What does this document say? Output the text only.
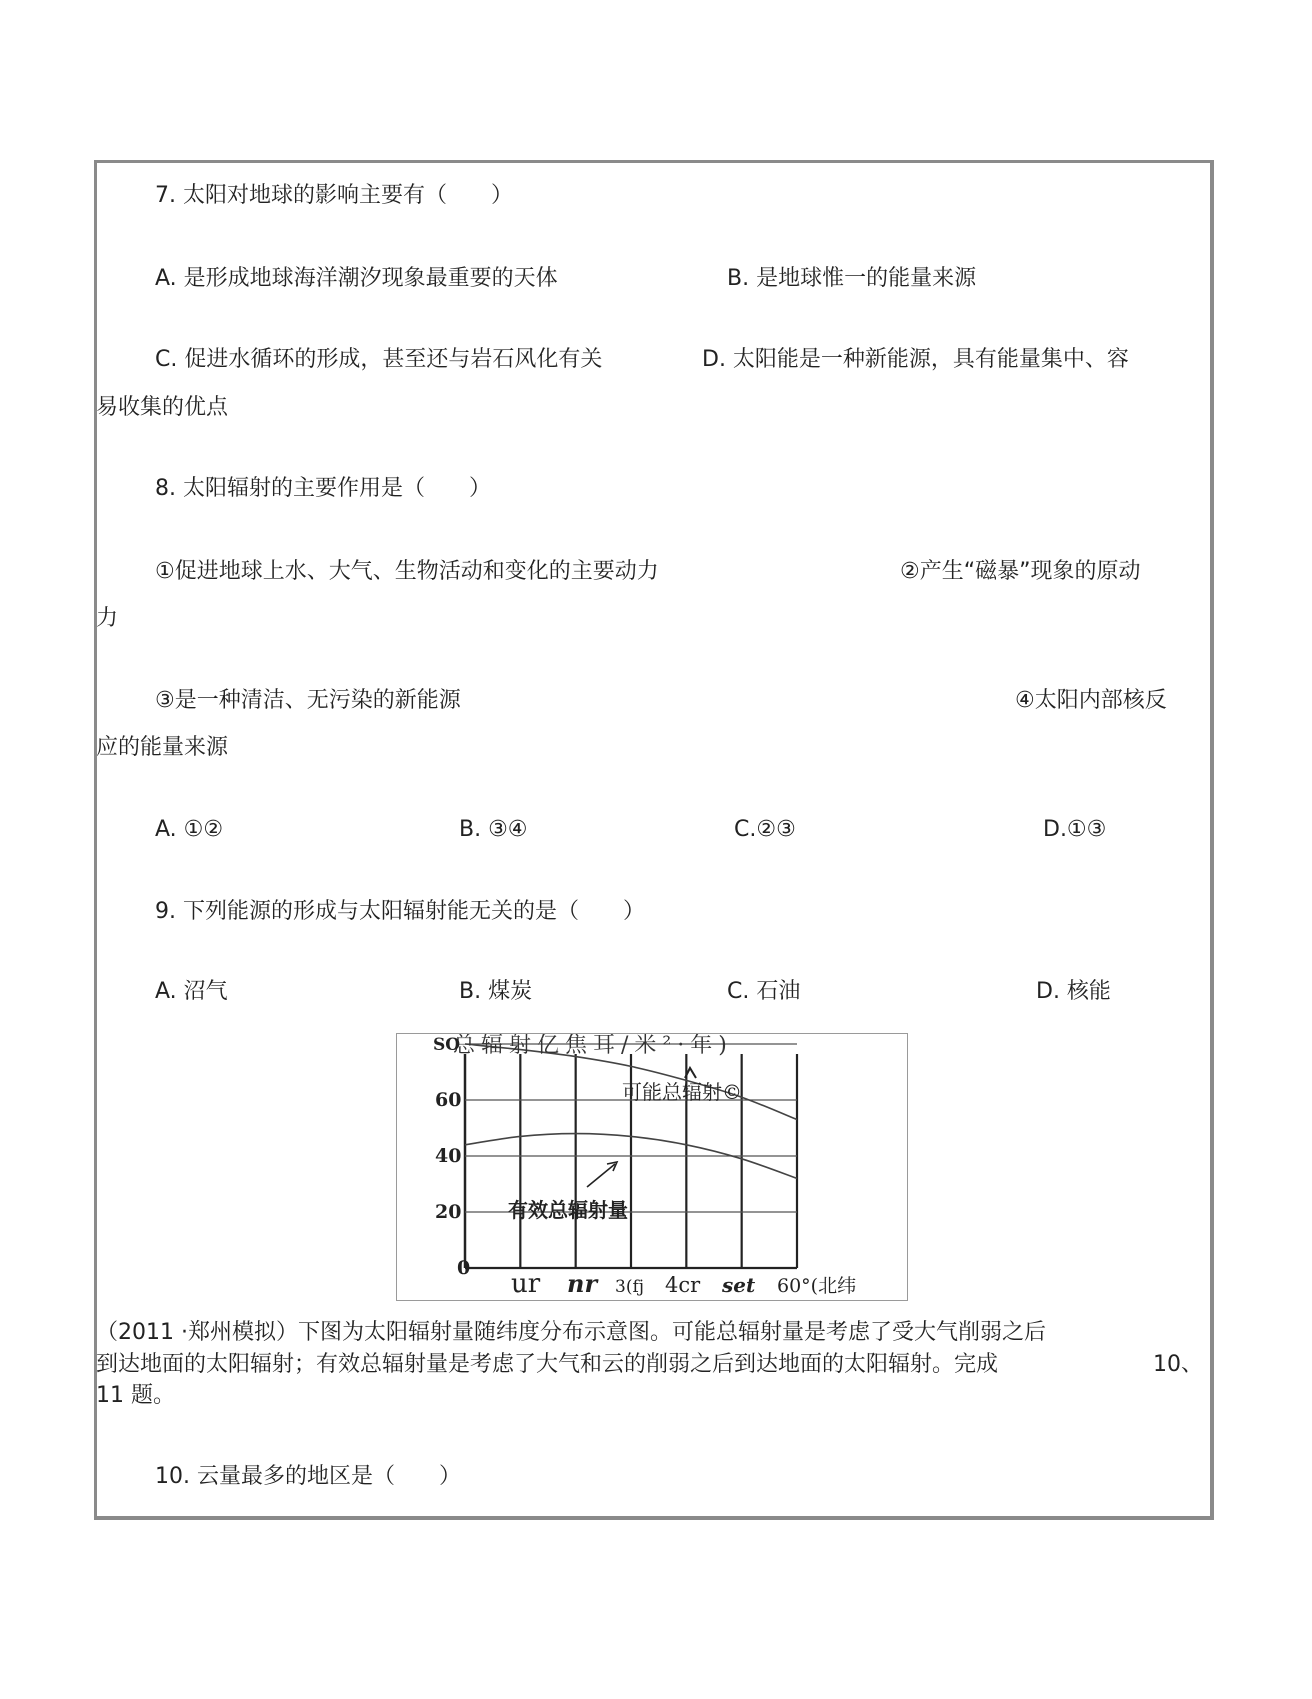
7. 太阳对地球的影响主要有（　　）
A. 是形成地球海洋潮汐现象最重要的天体	B. 是地球惟一的能量来源
C. 促进水循环的形成，甚至还与岩石风化有关	D. 太阳能是一种新能源，具有能量集中、容
易收集的优点
8. 太阳辐射的主要作用是（　　）
①促进地球上水、大气、生物活动和变化的主要动力	②产生“磁暴”现象的原动
力
③是一种清洁、无污染的新能源	④太阳内部核反
应的能量来源
A. ①②	B. ③④	C.②③	D.①③
9. 下列能源的形成与太阳辐射能无关的是（　　）
A. 沼气	B. 煤炭	C. 石油	D. 核能
总辐射亿焦耳/米²·年)
SO
60
40
20
0
ur nr 3(fj 4cr set 60°(北纬
可能总辐射©
有效总辐射量
（2011 ·郑州模拟）下图为太阳辐射量随纬度分布示意图。可能总辐射量是考虑了受大气削弱之后
到达地面的太阳辐射；有效总辐射量是考虑了大气和云的削弱之后到达地面的太阳辐射。完成	10、
11 题。
10. 云量最多的地区是（　　）
